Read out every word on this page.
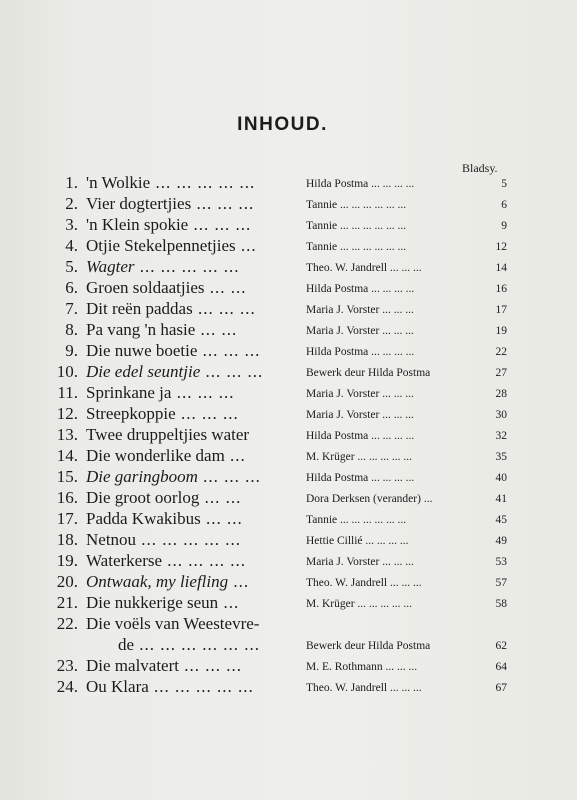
INHOUD.
Bladsy.
1. 'n Wolkie ... ... ... ... ...	Hilda Postma ... ... ... ...	5
2. Vier dogtertjies ... ... ...	Tannie ... ... ... ... ... ...	6
3. 'n Klein spokie ... ... ...	Tannie ... ... ... ... ... ...	9
4. Otjie Stekelpennetjies ...	Tannie ... ... ... ... ... ...	12
5. Wagter ... ... ... ... ...	Theo. W. Jandrell ... ... ...	14
6. Groen soldaatjies ... ...	Hilda Postma ... ... ... ...	16
7. Dit reën paddas ... ... ...	Maria J. Vorster ... ... ...	17
8. Pa vang 'n hasie ... ...	Maria J. Vorster ... ... ...	19
9. Die nuwe boetie ... ... ...	Hilda Postma ... ... ... ...	22
10. Die edel seuntjie ... ... ...	Bewerk deur Hilda Postma	27
11. Sprinkane ja ... ... ...	Maria J. Vorster ... ... ...	28
12. Streepkoppie ... ... ...	Maria J. Vorster ... ... ...	30
13. Twee druppeltjies water	Hilda Postma ... ... ... ...	32
14. Die wonderlike dam ...	M. Krüger ... ... ... ... ...	35
15. Die garingboom ... ... ...	Hilda Postma ... ... ... ...	40
16. Die groot oorlog ... ...	Dora Derksen (verander) ...	41
17. Padda Kwakibus ... ...	Tannie ... ... ... ... ... ...	45
18. Netnou ... ... ... ... ...	Hettie Cillié ... ... ... ...	49
19. Waterkerse ... ... ... ...	Maria J. Vorster ... ... ...	53
20. Ontwaak, my liefling ...	Theo. W. Jandrell ... ... ...	57
21. Die nukkerige seun ...	M. Krüger ... ... ... ... ...	58
22. Die voëls van Weestevre-
de ... ... ... ... ... ...	Bewerk deur Hilda Postma	62
23. Die malvatert ... ... ...	M. E. Rothmann ... ... ...	64
24. Ou Klara ... ... ... ... ...	Theo. W. Jandrell ... ... ...	67
